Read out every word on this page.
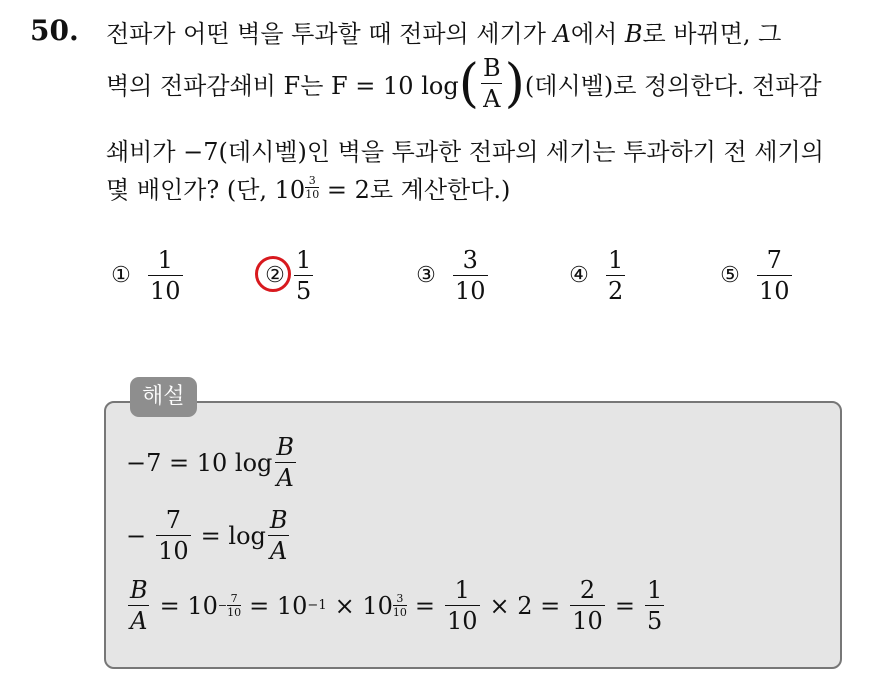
50. 전파가 어떤 벽을 투과할 때 전파의 세기가 A에서 B로 바뀌면, 그
벽의 전파감쇄비 F는 F = 10 log ( $\frac{B}{A}$ ) (데시벨)로 정의한다. 전파감
쇄비가 −7(데시벨)인 벽을 투과한 전파의 세기는 투과하기 전 세기의
몇 배인가? (단, 10 $^{\frac{3}{10}}$ = 2로 계산한다.)
① $\frac{1}{10}$	② $\frac{1}{5}$	③ $\frac{3}{10}$	④ $\frac{1}{2}$	⑤ $\frac{7}{10}$
해설
−7 = 10 $\log \frac{B}{A}$
− $\frac{7}{10} = \log \frac{B}{A}$
$\frac{B}{A} = 10 - \frac{7}{10} = 10 -1 \times 10 \frac{3}{10} = \frac{1}{10} \times 2 = \frac{2}{10} = \frac{1}{5}$
